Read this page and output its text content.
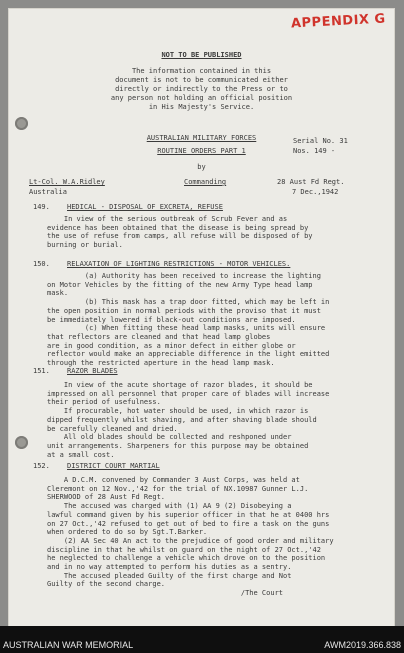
APPENDIX G
NOT TO BE PUBLISHED
The information contained in this
document is not to be communicated either
directly or indirectly to the Press or to
any person not holding an official position
in His Majesty's Service.
AUSTRALIAN MILITARY FORCES
ROUTINE ORDERS PART 1
by
Serial No. 31
Nos. 149 -
Lt-Col. W.A.Ridley	Commanding	28 Aust Fd Regt.
Australia	7 Dec.,1942
149. HEDICAL - DISPOSAL OF EXCRETA, REFUSE
In view of the serious outbreak of Scrub Fever and as
evidence has been obtained that the disease is being spread by
the use of refuse from camps, all refuse will be disposed of by
burning or burial.
150. RELAXATION OF LIGHTING RESTRICTIONS - MOTOR VEHICLES.
(a) Authority has been received to increase the lighting
on Motor Vehicles by the fitting of the new Army Type head lamp
mask.
(b) This mask has a trap door fitted, which may be left in
the open position in normal periods with the proviso that it must
be immediately lowered if black-out conditions are imposed.
(c) When fitting these head lamp masks, units will ensure
that reflectors are cleaned and that head lamp globes
are in good condition, as a minor defect in either globe or
reflector would make an appreciable difference in the light emitted
through the restricted aperture in the head lamp mask.
151. RAZOR BLADES
In view of the acute shortage of razor blades, it should be
impressed on all personnel that proper care of blades will increase
their period of usefulness.
If procurable, hot water should be used, in which razor is
dipped frequently whilst shaving, and after shaving blade should
be carefully cleaned and dried.
All old blades should be collected and reshponed under
unit arrangements. Sharpeners for this purpose may be obtained
at a small cost.
152. DISTRICT COURT MARTIAL
A D.C.M. convened by Commander 3 Aust Corps, was held at
Cleremont on 12 Nov.,'42 for the trial of NX.10987 Gunner L.J.
SHERWOOD of 28 Aust Fd Regt.
The accused was charged with (1) AA 9 (2) Disobeying a
lawful command given by his superior officer in that he at 0400 hrs
on 27 Oct.,'42 refused to get out of bed to fire a task on the guns
when ordered to do so by Sgt.T.Barker.
(2) AA Sec 40 An act to the prejudice of good order and military
discipline in that he whilst on guard on the night of 27 Oct.,'42
he neglected to challenge a vehicle which drove on to the position
and in no way attempted to perform his duties as a sentry.
The accused pleaded Guilty of the first charge and Not
Guilty of the second charge.
/The Court
AUSTRALIAN WAR MEMORIAL	AWM2019.366.838
